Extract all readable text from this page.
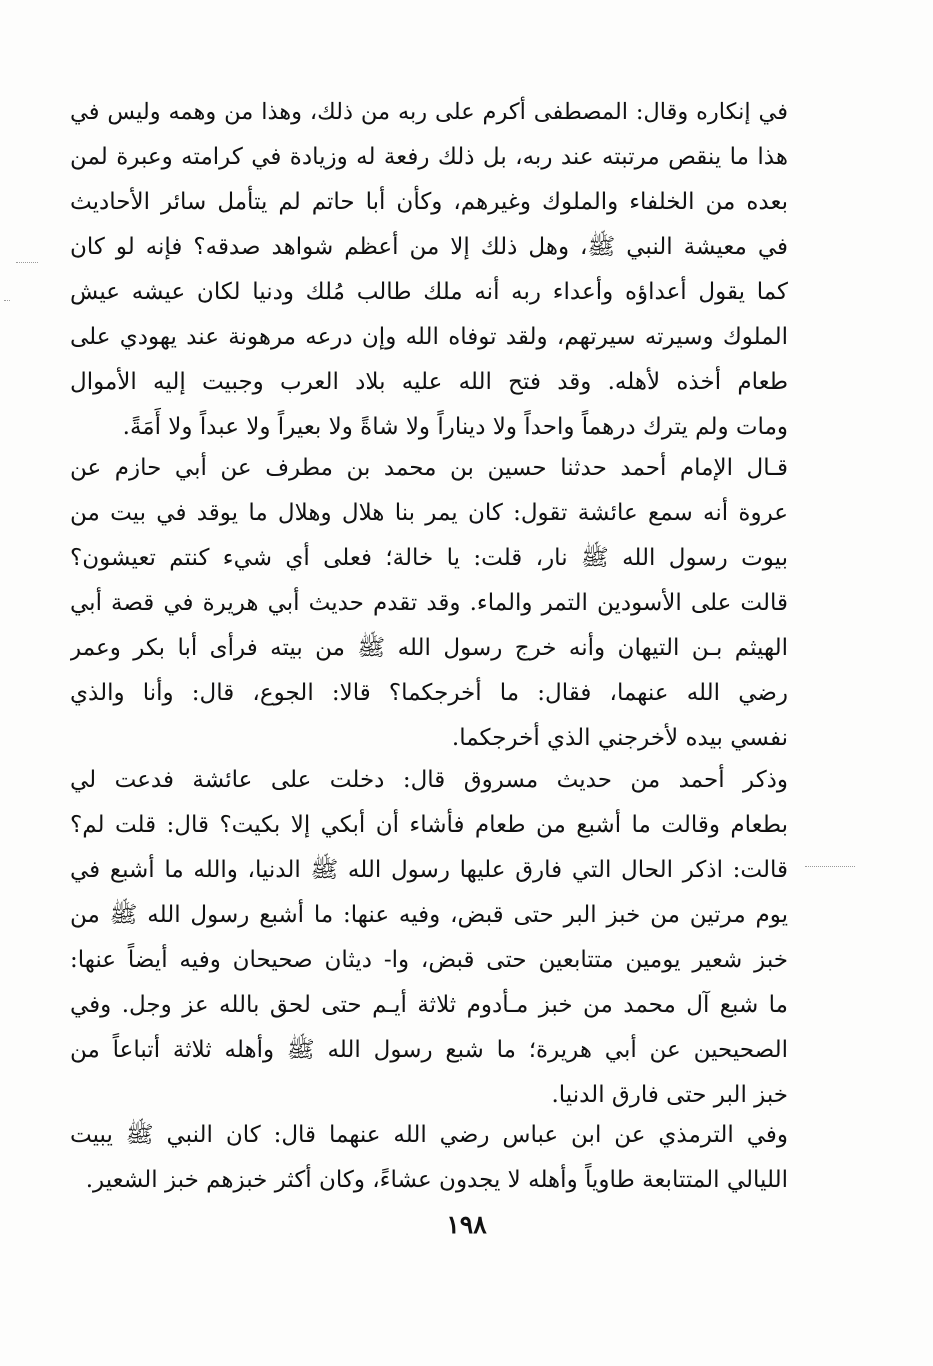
في إنكاره وقال: المصطفى أكرم على ربه من ذلك، وهذا من وهمه وليس في
هذا ما ينقص مرتبته عند ربه، بل ذلك رفعة له وزيادة في كرامته وعبرة لمن
بعده من الخلفاء والملوك وغيرهم، وكأن أبا حاتم لم يتأمل سائر الأحاديث
في معيشة النبي ﷺ، وهل ذلك إلا من أعظم شواهد صدقه؟ فإنه لو كان
كما يقول أعداؤه وأعداء ربه أنه ملك طالب مُلك ودنيا لكان عيشه عيش
الملوك وسيرته سيرتهم، ولقد توفاه الله وإن درعه مرهونة عند يهودي على
طعام أخذه لأهله. وقد فتح الله عليه بلاد العرب وجبيت إليه الأموال
ومات ولم يترك درهماً واحداً ولا ديناراً ولا شاةً ولا بعيراً ولا عبداً ولا أَمَةً.
قـال الإمام أحمد حدثنا حسين بن محمد بن مطرف عن أبي حازم عن
عروة أنه سمع عائشة تقول: كان يمر بنا هلال وهلال ما يوقد في بيت من
بيوت رسول الله ﷺ نار، قلت: يا خالة؛ فعلى أي شيء كنتم تعيشون؟
قالت على الأسودين التمر والماء. وقد تقدم حديث أبي هريرة في قصة أبي
الهيثم بـن التيهان وأنه خرج رسول الله ﷺ من بيته فرأى أبا بكر وعمر
رضي الله عنهما، فقال: ما أخرجكما؟ قالا: الجوع، قال: وأنا والذي
نفسي بيده لأخرجني الذي أخرجكما.
وذكر أحمد من حديث مسروق قال: دخلت على عائشة فدعت لي
بطعام وقالت ما أشبع من طعام فأشاء أن أبكي إلا بكيت؟ قال: قلت لم؟
قالت: اذكر الحال التي فارق عليها رسول الله ﷺ الدنيا، والله ما أشبع في
يوم مرتين من خبز البر حتى قبض، وفيه عنها: ما أشبع رسول الله ﷺ من
خبز شعير يومين متتابعين حتى قبض، وا- ديثان صحيحان وفيه أيضاً عنها:
ما شبع آل محمد من خبز مـأدوم ثلاثة أيـم حتى لحق بالله عز وجل. وفي
الصحيحين عن أبي هريرة؛ ما شبع رسول الله ﷺ وأهله ثلاثة أتباعاً من
خبز البر حتى فارق الدنيا.
وفي الترمذي عن ابن عباس رضي الله عنهما قال: كان النبي ﷺ يبيت
الليالي المتتابعة طاوياً وأهله لا يجدون عشاءً، وكان أكثر خبزهم خبز الشعير.
١٩٨
